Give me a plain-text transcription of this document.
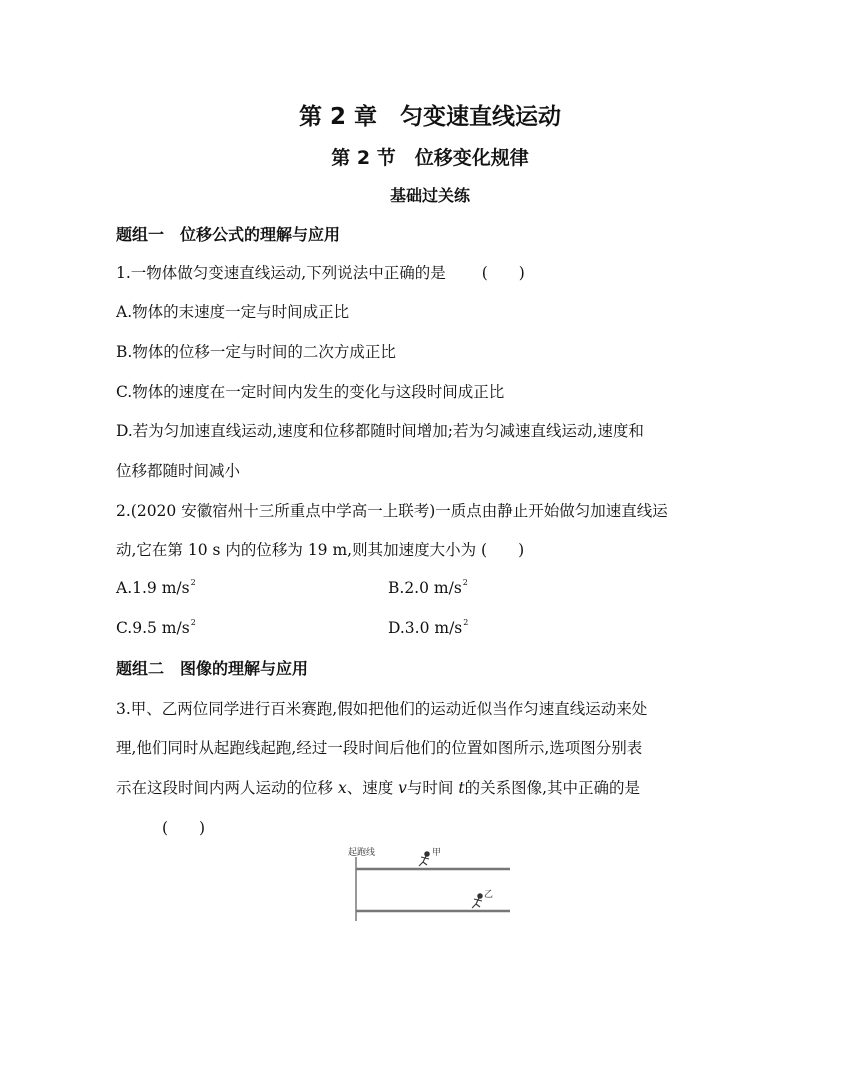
第 2 章　匀变速直线运动
第 2 节　位移变化规律
基础过关练
题组一　位移公式的理解与应用
1.一物体做匀变速直线运动,下列说法中正确的是 (　　)
A.物体的末速度一定与时间成正比
B.物体的位移一定与时间的二次方成正比
C.物体的速度在一定时间内发生的变化与这段时间成正比
D.若为匀加速直线运动,速度和位移都随时间增加;若为匀减速直线运动,速度和
位移都随时间减小
2.(2020 安徽宿州十三所重点中学高一上联考)一质点由静止开始做匀加速直线运
动,它在第 10 s 内的位移为 19 m,则其加速度大小为 (　　)
A.1.9 $m/s^2$	B.2.0 $m/s^2$
C.9.5 $m/s^2$	D.3.0 $m/s^2$
题组二　图像的理解与应用
3.甲、乙两位同学进行百米赛跑,假如把他们的运动近似当作匀速直线运动来处
理,他们同时从起跑线起跑,经过一段时间后他们的位置如图所示,选项图分别表
示在这段时间内两人运动的位移 x、速度 v与时间 t的关系图像,其中正确的是
(　　)
起跑线	甲
乙
